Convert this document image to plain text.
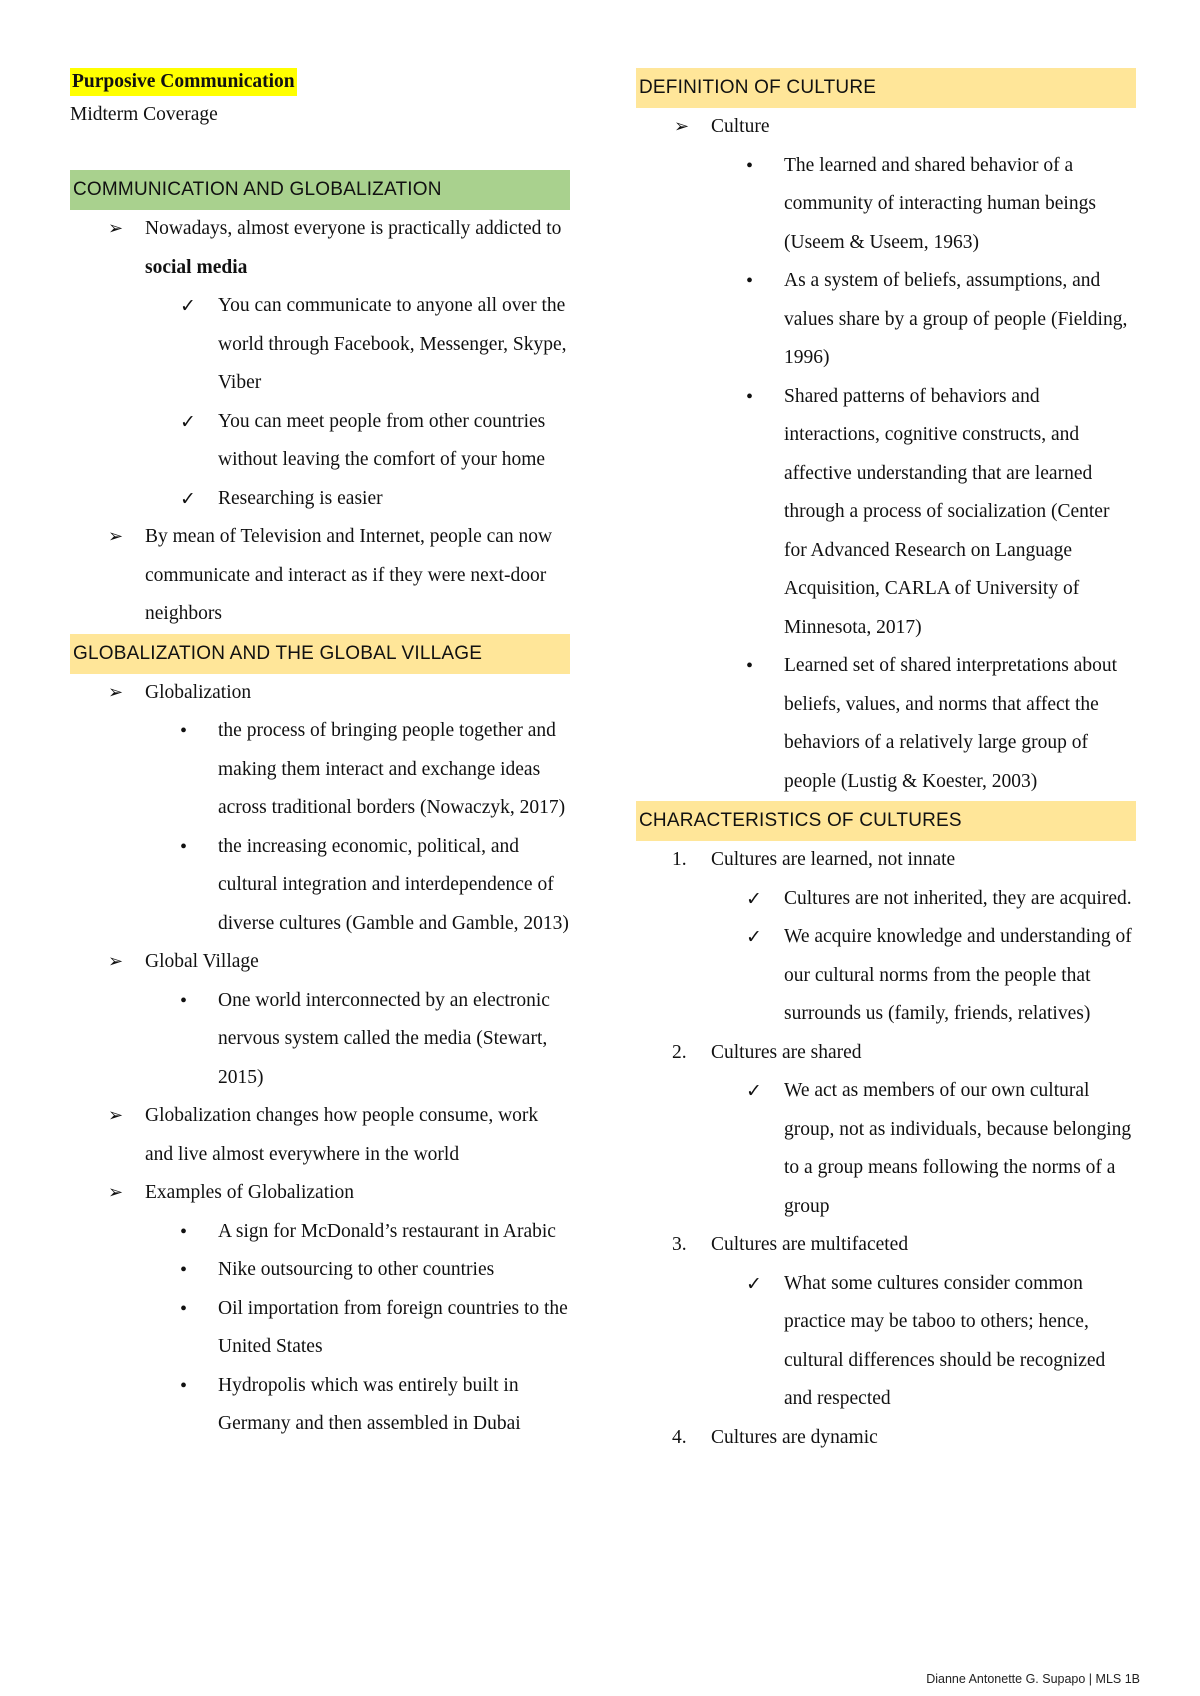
Purposive Communication
Midterm Coverage
COMMUNICATION AND GLOBALIZATION
➢ Nowadays, almost everyone is practically addicted to social media
✓ You can communicate to anyone all over the world through Facebook, Messenger, Skype, Viber
✓ You can meet people from other countries without leaving the comfort of your home
✓ Researching is easier
➢ By mean of Television and Internet, people can now communicate and interact as if they were next-door neighbors
GLOBALIZATION AND THE GLOBAL VILLAGE
➢ Globalization
• the process of bringing people together and making them interact and exchange ideas across traditional borders (Nowaczyk, 2017)
• the increasing economic, political, and cultural integration and interdependence of diverse cultures (Gamble and Gamble, 2013)
➢ Global Village
• One world interconnected by an electronic nervous system called the media (Stewart, 2015)
➢ Globalization changes how people consume, work and live almost everywhere in the world
➢ Examples of Globalization
• A sign for McDonald’s restaurant in Arabic
• Nike outsourcing to other countries
• Oil importation from foreign countries to the United States
• Hydropolis which was entirely built in Germany and then assembled in Dubai
DEFINITION OF CULTURE
➢ Culture
• The learned and shared behavior of a community of interacting human beings (Useem & Useem, 1963)
• As a system of beliefs, assumptions, and values share by a group of people (Fielding, 1996)
• Shared patterns of behaviors and interactions, cognitive constructs, and affective understanding that are learned through a process of socialization (Center for Advanced Research on Language Acquisition, CARLA of University of Minnesota, 2017)
• Learned set of shared interpretations about beliefs, values, and norms that affect the behaviors of a relatively large group of people (Lustig & Koester, 2003)
CHARACTERISTICS OF CULTURES
1. Cultures are learned, not innate
✓ Cultures are not inherited, they are acquired.
✓ We acquire knowledge and understanding of our cultural norms from the people that surrounds us (family, friends, relatives)
2. Cultures are shared
✓ We act as members of our own cultural group, not as individuals, because belonging to a group means following the norms of a group
3. Cultures are multifaceted
✓ What some cultures consider common practice may be taboo to others; hence, cultural differences should be recognized and respected
4. Cultures are dynamic
Dianne Antonette G. Supapo | MLS 1B
